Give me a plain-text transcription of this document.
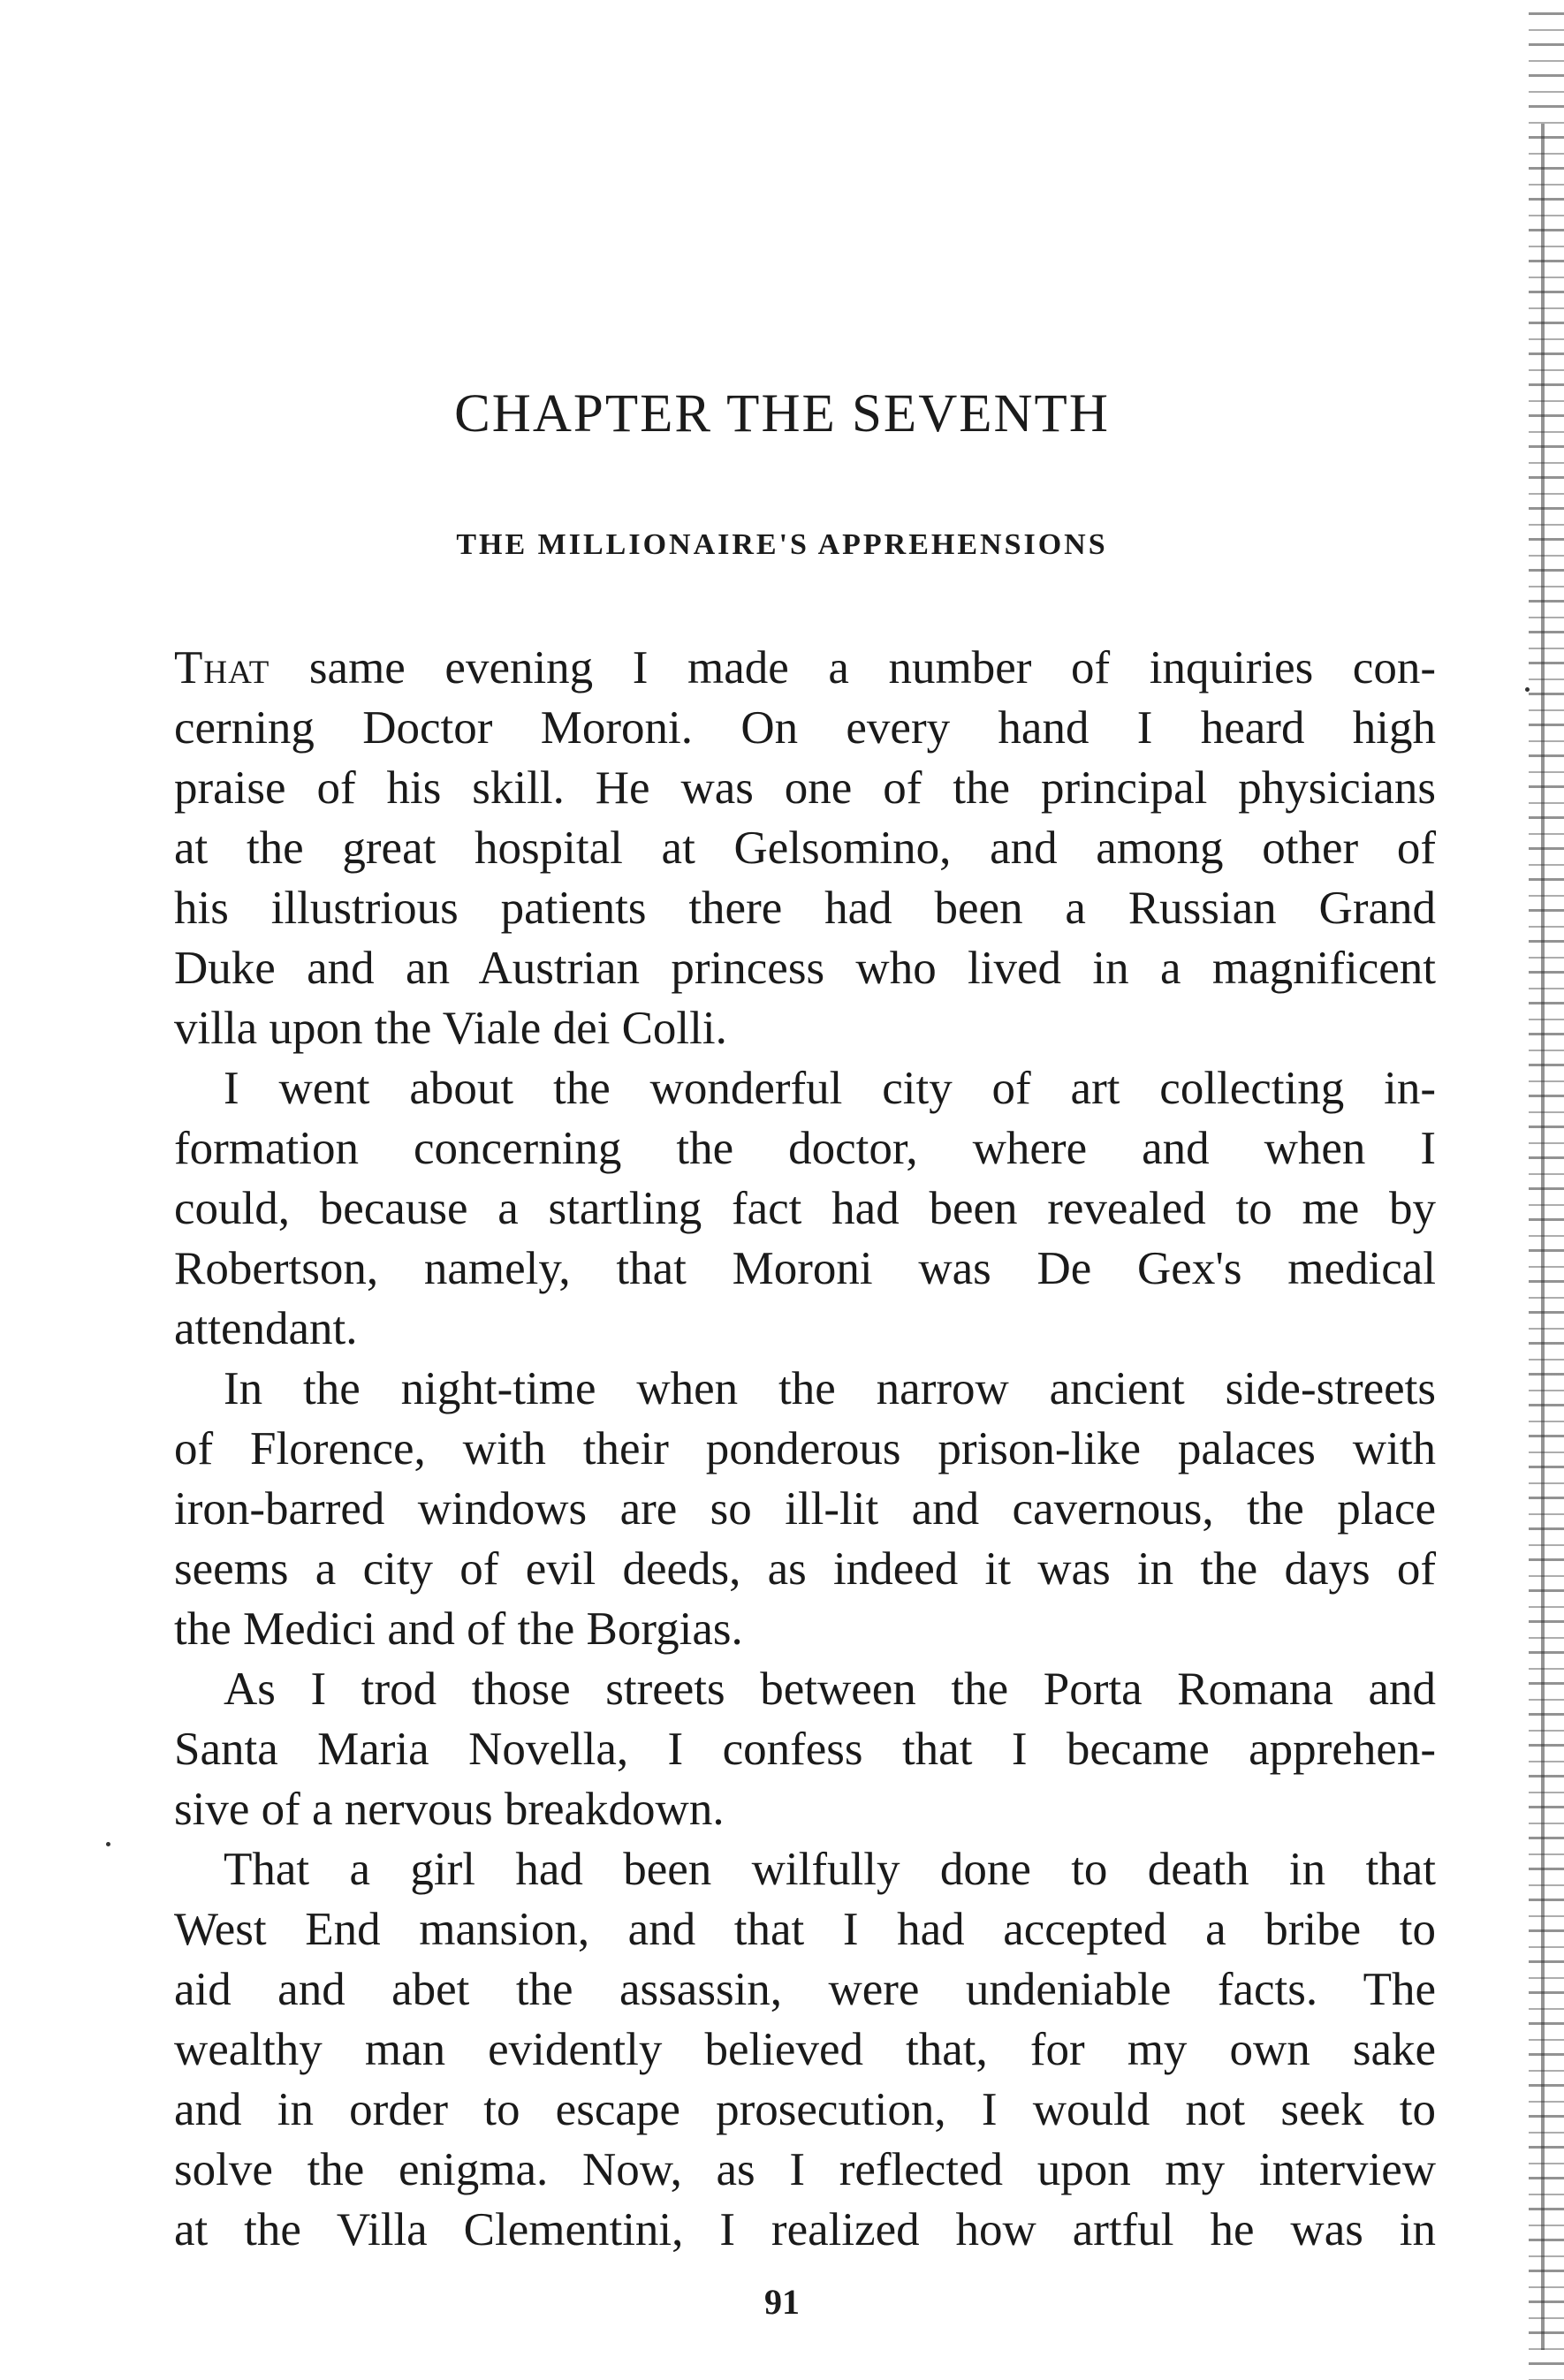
CHAPTER THE SEVENTH
THE MILLIONAIRE'S APPREHENSIONS
That same evening I made a number of inquiries con-
cerning Doctor Moroni. On every hand I heard high
praise of his skill. He was one of the principal physicians
at the great hospital at Gelsomino, and among other of
his illustrious patients there had been a Russian Grand
Duke and an Austrian princess who lived in a magnificent
villa upon the Viale dei Colli.
I went about the wonderful city of art collecting in-
formation concerning the doctor, where and when I
could, because a startling fact had been revealed to me by
Robertson, namely, that Moroni was De Gex's medical
attendant.
In the night-time when the narrow ancient side-streets
of Florence, with their ponderous prison-like palaces with
iron-barred windows are so ill-lit and cavernous, the place
seems a city of evil deeds, as indeed it was in the days of
the Medici and of the Borgias.
As I trod those streets between the Porta Romana and
Santa Maria Novella, I confess that I became apprehen-
sive of a nervous breakdown.
That a girl had been wilfully done to death in that
West End mansion, and that I had accepted a bribe to
aid and abet the assassin, were undeniable facts. The
wealthy man evidently believed that, for my own sake
and in order to escape prosecution, I would not seek to
solve the enigma. Now, as I reflected upon my interview
at the Villa Clementini, I realized how artful he was in
91
